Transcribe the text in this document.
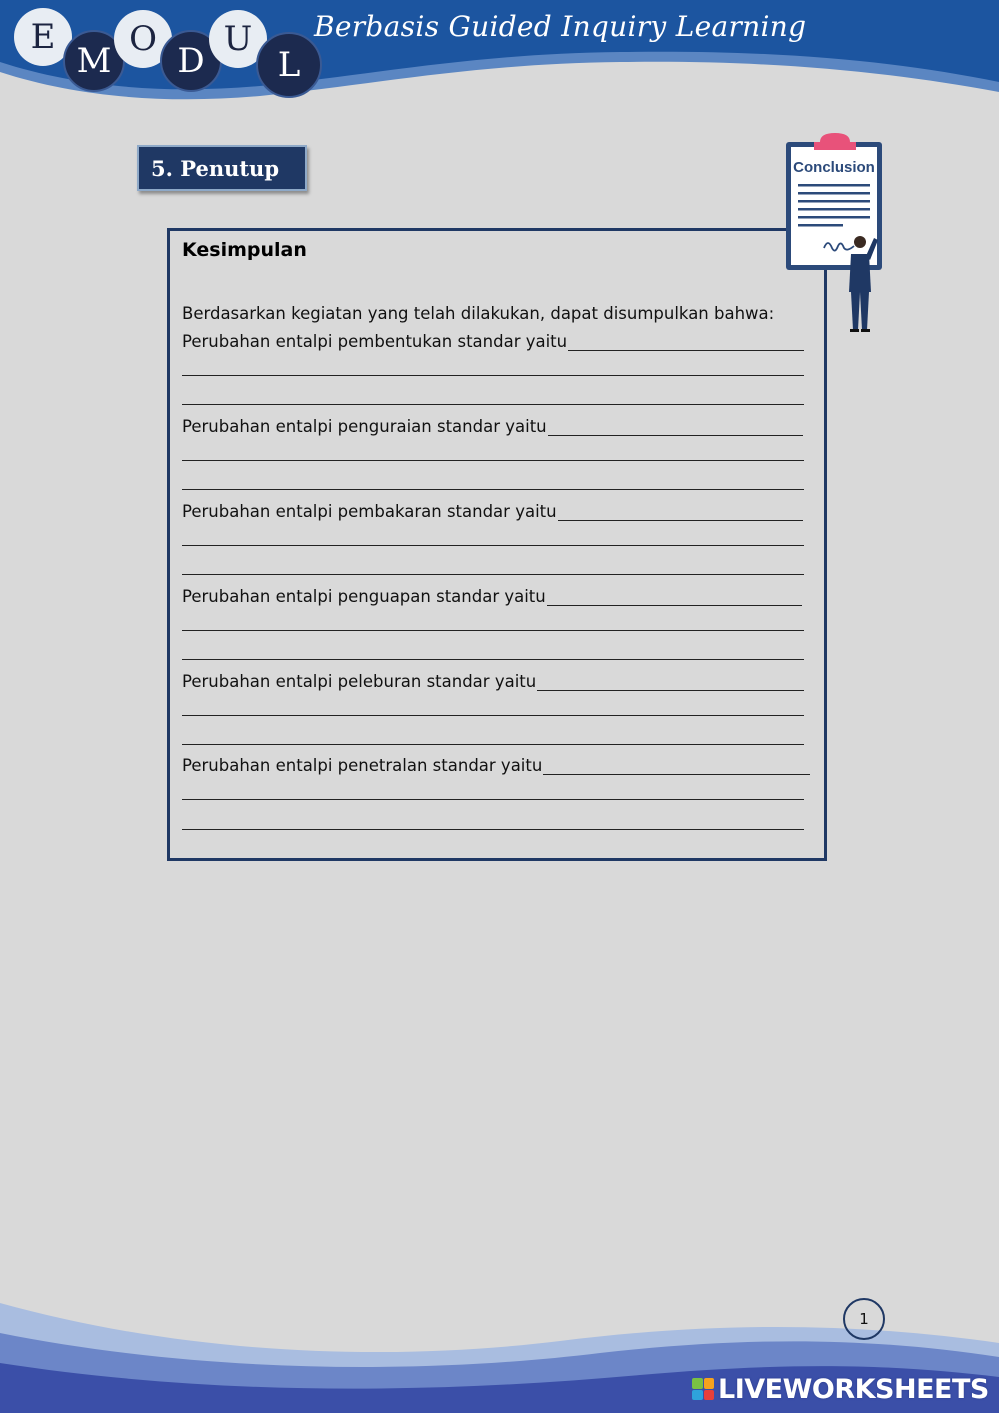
E
M
O
D
U
L
Berbasis Guided Inquiry Learning
5. Penutup
Kesimpulan
Berdasarkan kegiatan yang telah dilakukan, dapat disumpulkan bahwa:
Perubahan entalpi pembentukan standar yaitu
Perubahan entalpi penguraian standar yaitu
Perubahan entalpi pembakaran standar yaitu
Perubahan entalpi penguapan standar yaitu
Perubahan entalpi peleburan standar yaitu
Perubahan entalpi penetralan standar yaitu
Conclusion
1
LIVEWORKSHEETS
